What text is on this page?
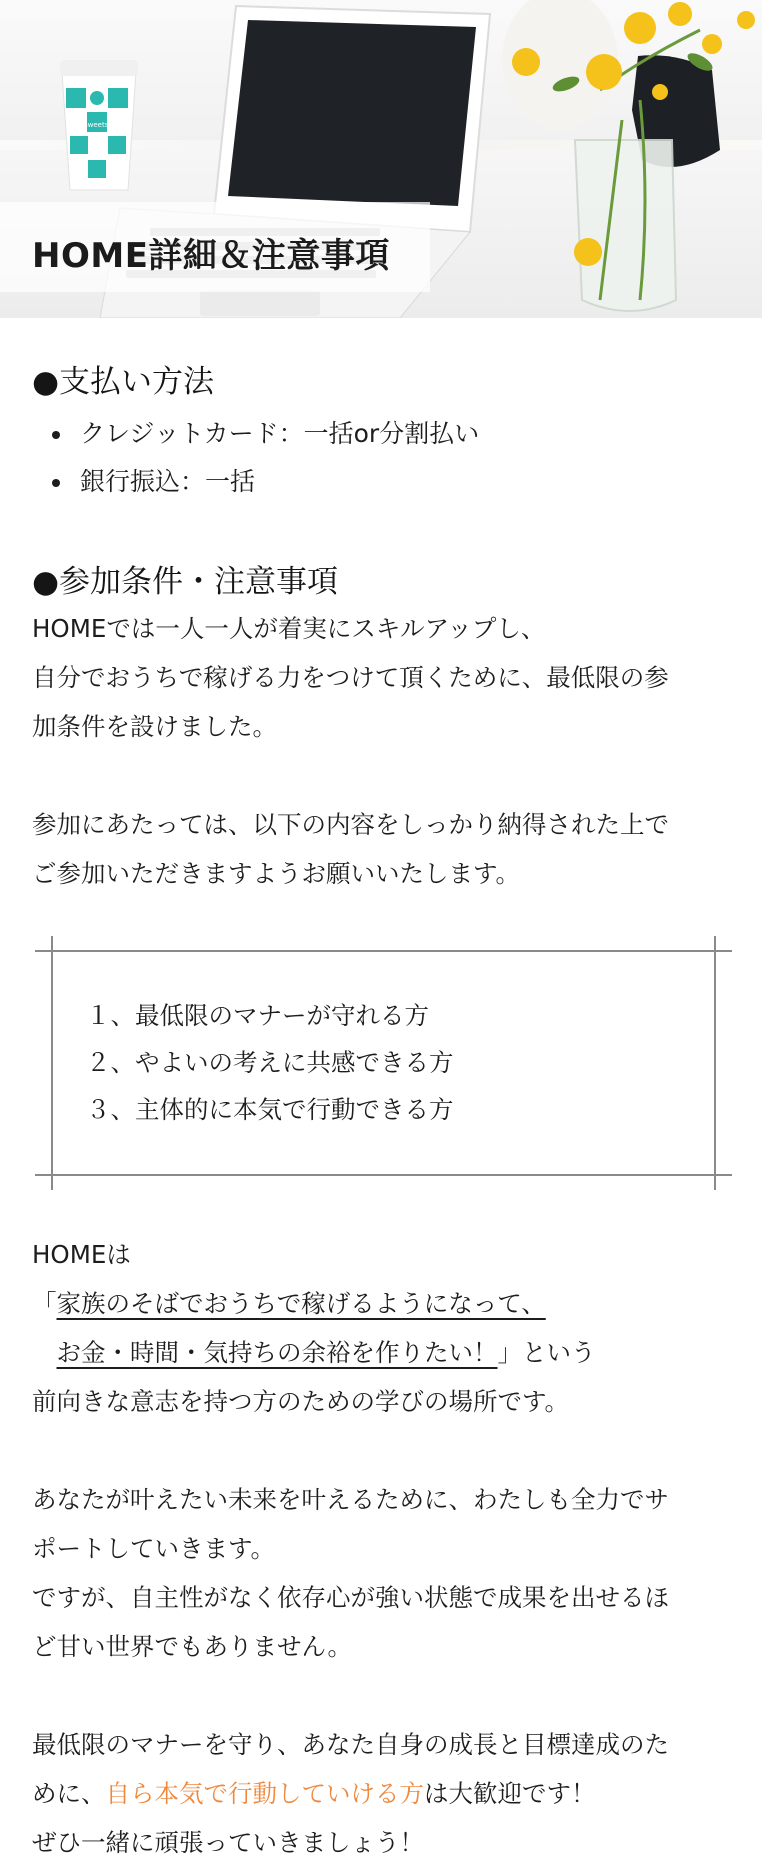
sweets
HOME詳細＆注意事項
●支払い方法
クレジットカード：一括or分割払い
銀行振込：一括
●参加条件・注意事項

HOMEでは一人一人が着実にスキルアップし、

自分でおうちで稼げる力をつけて頂くために、最低限の参

加条件を設けました。

参加にあたっては、以下の内容をしっかり納得された上で

ご参加いただきますようお願いいたします。

１、最低限のマナーが守れる方
２、やよいの考えに共感できる方
３、主体的に本気で行動できる方

HOMEは

「家族のそばでおうちで稼げるようになって、

　お金・時間・気持ちの余裕を作りたい！」という

前向きな意志を持つ方のための学びの場所です。

あなたが叶えたい未来を叶えるために、わたしも全力でサ

ポートしていきます。

ですが、自主性がなく依存心が強い状態で成果を出せるほ

ど甘い世界でもありません。

最低限のマナーを守り、あなた自身の成長と目標達成のた

めに、自ら本気で行動していける方は大歓迎です！

ぜひ一緒に頑張っていきましょう！
